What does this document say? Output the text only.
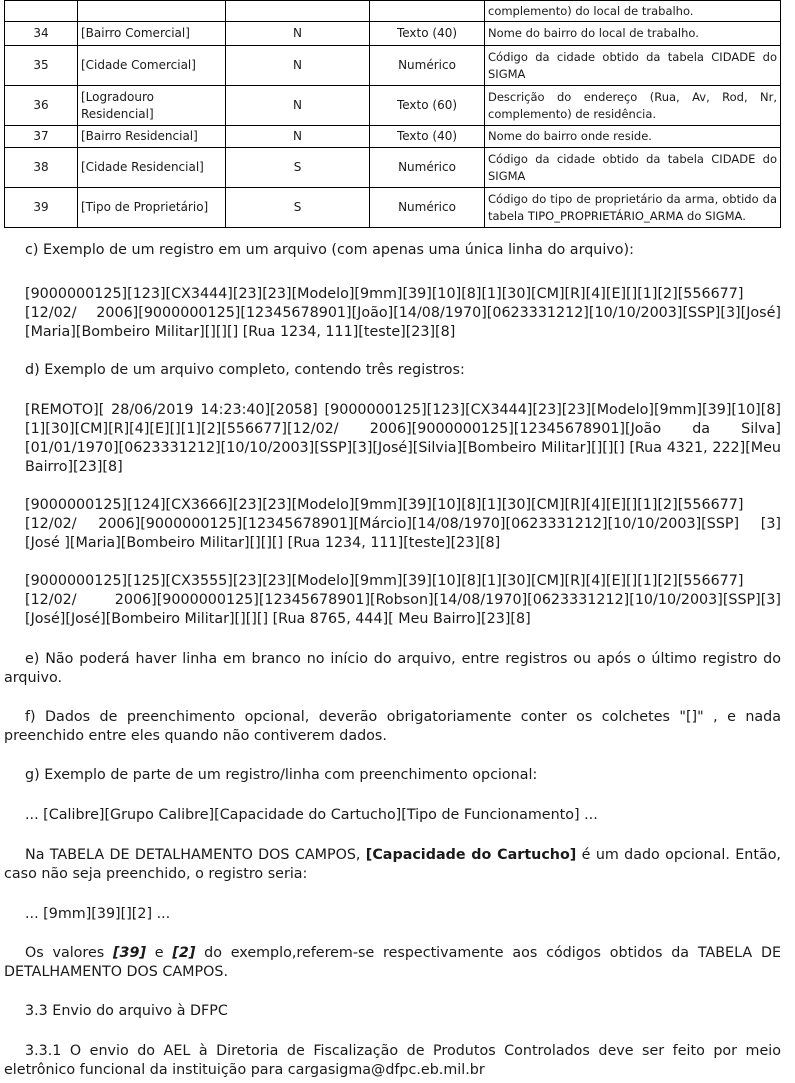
				complemento) do local de trabalho.
34	[Bairro Comercial]	N	Texto (40)	Nome do bairro do local de trabalho.
35	[Cidade Comercial]	N	Numérico	Código da cidade obtido da tabela CIDADE do SIGMA
36	[Logradouro Residencial]	N	Texto (60)	Descrição do endereço (Rua, Av, Rod, Nr, complemento) de residência.
37	[Bairro Residencial]	N	Texto (40)	Nome do bairro onde reside.
38	[Cidade Residencial]	S	Numérico	Código da cidade obtido da tabela CIDADE do SIGMA
39	[Tipo de Proprietário]	S	Numérico	Código do tipo de proprietário da arma, obtido da tabela TIPO_PROPRIETÁRIO_ARMA do SIGMA.
c) Exemplo de um registro em um arquivo (com apenas uma única linha do arquivo):
[9000000125][123][CX3444][23][23][Modelo][9mm][39][10][8][1][30][CM][R][4][E][][1][2][556677][12/02/ 2006][9000000125][12345678901][João][14/08/1970][0623331212][10/10/2003][SSP][3][José][Maria][Bombeiro Militar][][][] [Rua 1234, 111][teste][23][8]
d) Exemplo de um arquivo completo, contendo três registros:
[REMOTO][ 28/06/2019 14:23:40][2058] [9000000125][123][CX3444][23][23][Modelo][9mm][39][10][8][1][30][CM][R][4][E][][1][2][556677][12/02/ 2006][9000000125][12345678901][João da Silva][01/01/1970][0623331212][10/10/2003][SSP][3][José][Silvia][Bombeiro Militar][][][] [Rua 4321, 222][Meu Bairro][23][8]
[9000000125][124][CX3666][23][23][Modelo][9mm][39][10][8][1][30][CM][R][4][E][][1][2][556677][12/02/ 2006][9000000125][12345678901][Márcio][14/08/1970][0623331212][10/10/2003][SSP] [3][José ][Maria][Bombeiro Militar][][][] [Rua 1234, 111][teste][23][8]
[9000000125][125][CX3555][23][23][Modelo][9mm][39][10][8][1][30][CM][R][4][E][][1][2][556677][12/02/ 2006][9000000125][12345678901][Robson][14/08/1970][0623331212][10/10/2003][SSP][3][José][José][Bombeiro Militar][][][] [Rua 8765, 444][ Meu Bairro][23][8]
e) Não poderá haver linha em branco no início do arquivo, entre registros ou após o último registro do arquivo.
f) Dados de preenchimento opcional, deverão obrigatoriamente conter os colchetes "[]" , e nada preenchido entre eles quando não contiverem dados.
g) Exemplo de parte de um registro/linha com preenchimento opcional:
... [Calibre][Grupo Calibre][Capacidade do Cartucho][Tipo de Funcionamento] ...
Na TABELA DE DETALHAMENTO DOS CAMPOS, [Capacidade do Cartucho] é um dado opcional. Então, caso não seja preenchido, o registro seria:
... [9mm][39][][2] ...
Os valores [39] e [2] do exemplo,referem-se respectivamente aos códigos obtidos da TABELA DE DETALHAMENTO DOS CAMPOS.
3.3 Envio do arquivo à DFPC
3.3.1 O envio do AEL à Diretoria de Fiscalização de Produtos Controlados deve ser feito por meio eletrônico funcional da instituição para cargasigma@dfpc.eb.mil.br
